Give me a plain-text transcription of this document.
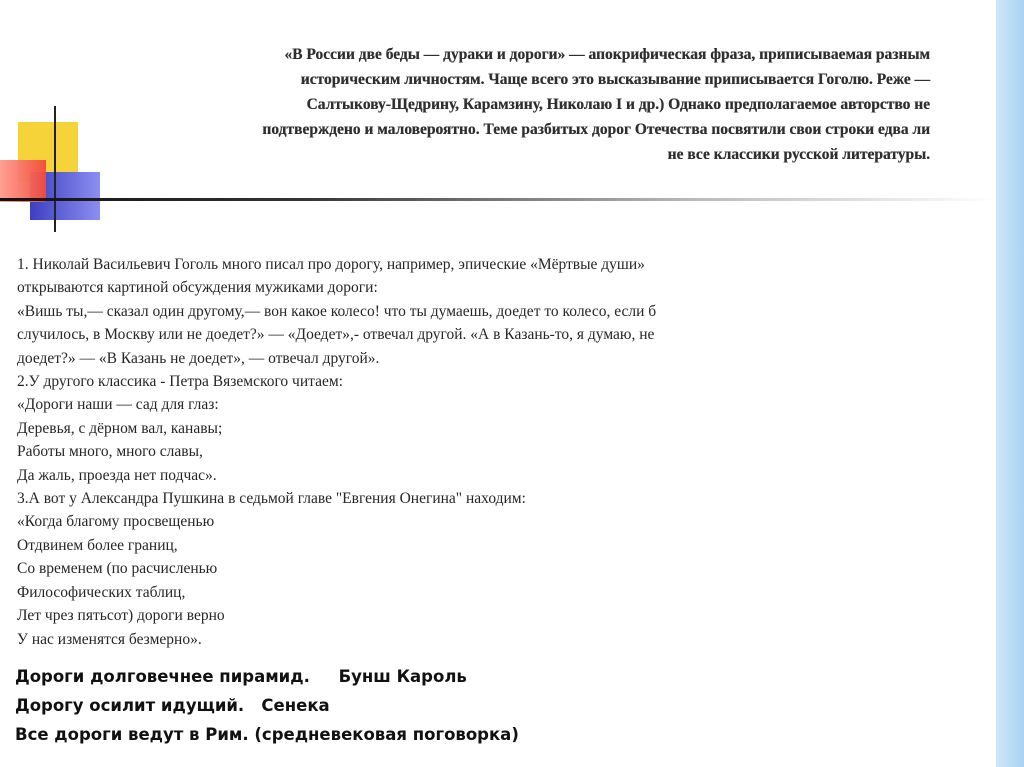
«В России две беды — дураки и дороги» — апокрифическая фраза, приписываемая разным
историческим личностям. Чаще всего это высказывание приписывается Гоголю. Реже —
Салтыкову-Щедрину, Карамзину, Николаю I и др.) Однако предполагаемое авторство не
подтверждено и маловероятно. Теме разбитых дорог Отечества посвятили свои строки едва ли
не все классики русской литературы.
1. Николай Васильевич Гоголь много писал про дорогу, например, эпические «Мёртвые души»
открываются картиной обсуждения мужиками дороги:
«Вишь ты,— сказал один другому,— вон какое колесо! что ты думаешь, доедет то колесо, если б
случилось, в Москву или не доедет?» — «Доедет»,- отвечал другой. «А в Казань-то, я думаю, не
доедет?» — «В Казань не доедет», — отвечал другой».
2.У другого классика - Петра Вяземского читаем:
«Дороги наши — сад для глаз:
Деревья, с дёрном вал, канавы;
Работы много, много славы,
Да жаль, проезда нет подчас».
3.А вот у Александра Пушкина в седьмой главе "Евгения Онегина" находим:
«Когда благому просвещенью
Отдвинем более границ,
Со временем (по расчисленью
Философических таблиц,
Лет чрез пятьсот) дороги верно
У нас изменятся безмерно».
Дороги долговечнее пирамид.     Бунш Кароль
Дорогу осилит идущий.   Сенека
Все дороги ведут в Рим. (средневековая поговорка)
